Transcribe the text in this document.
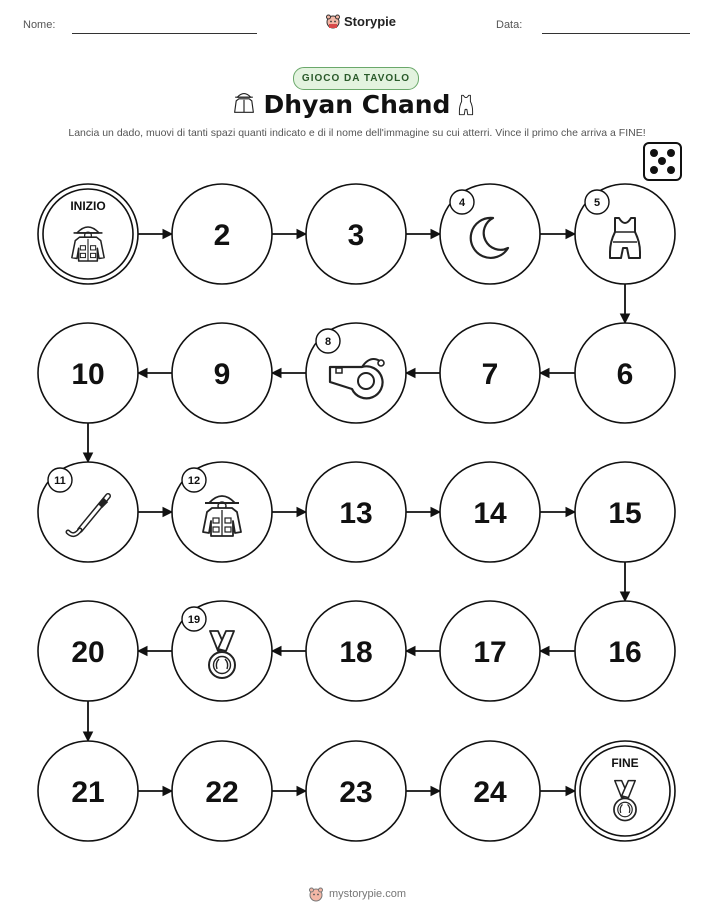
Nome:	Storypie	Data:
GIOCO DA TAVOLO
Dhyan Chand
Lancia un dado, muovi di tanti spazi quanti indicato e di il nome dell'immagine su cui atterri. Vince il primo che arriva a FINE!
INIZIO
2	3
4	5
10	9
8
7	6
11	12
13	14	15
20
19
18	17	16
21	22	23	24
FINE
mystorypie.com
